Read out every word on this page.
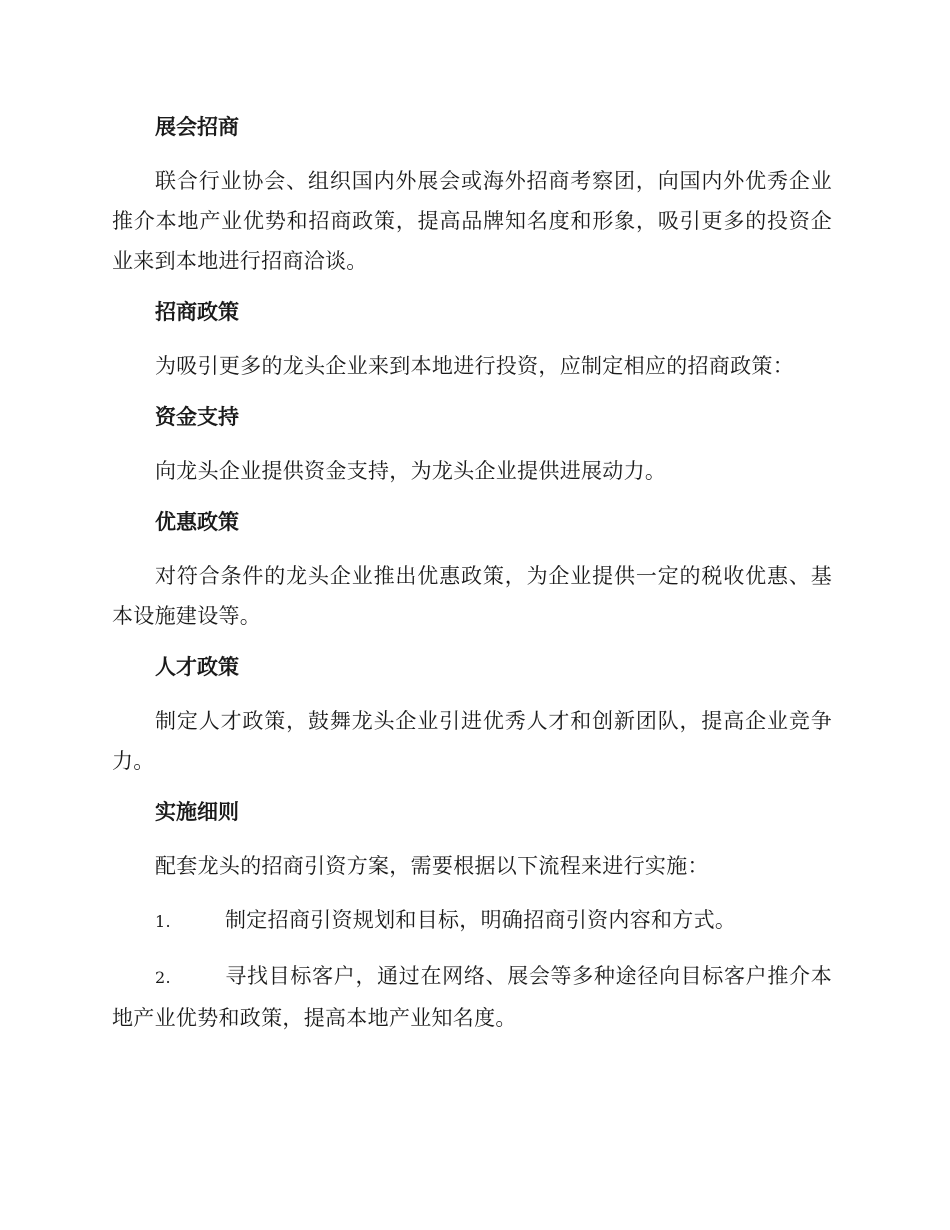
展会招商

联合行业协会、组织国内外展会或海外招商考察团，向国内外优秀企业推介本地产业优势和招商政策，提高品牌知名度和形象，吸引更多的投资企业来到本地进行招商洽谈。

招商政策

为吸引更多的龙头企业来到本地进行投资，应制定相应的招商政策：

资金支持

向龙头企业提供资金支持，为龙头企业提供进展动力。

优惠政策

对符合条件的龙头企业推出优惠政策，为企业提供一定的税收优惠、基本设施建设等。

人才政策

制定人才政策，鼓舞龙头企业引进优秀人才和创新团队，提高企业竞争力。

实施细则

配套龙头的招商引资方案，需要根据以下流程来进行实施：

1.	制定招商引资规划和目标，明确招商引资内容和方式。

2.	寻找目标客户，通过在网络、展会等多种途径向目标客户推介本地产业优势和政策，提高本地产业知名度。
